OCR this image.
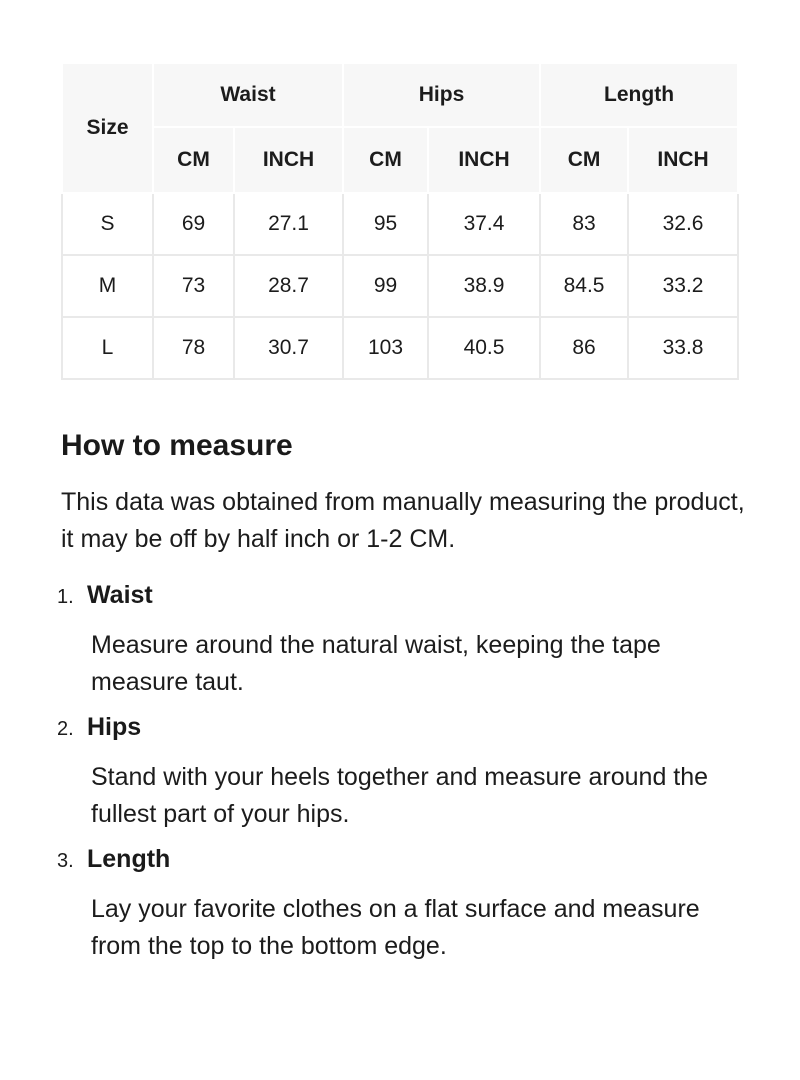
Size	Waist		Hips		Length	
	CM	INCH	CM	INCH	CM	INCH
S	69	27.1	95	37.4	83	32.6
M	73	28.7	99	38.9	84.5	33.2
L	78	30.7	103	40.5	86	33.8
How to measure

This data was obtained from manually measuring the product, it may be off by half inch or 1-2 CM.

1. Waist

Measure around the natural waist, keeping the tape measure taut.

2. Hips

Stand with your heels together and measure around the fullest part of your hips.

3. Length

Lay your favorite clothes on a flat surface and measure from the top to the bottom edge.
